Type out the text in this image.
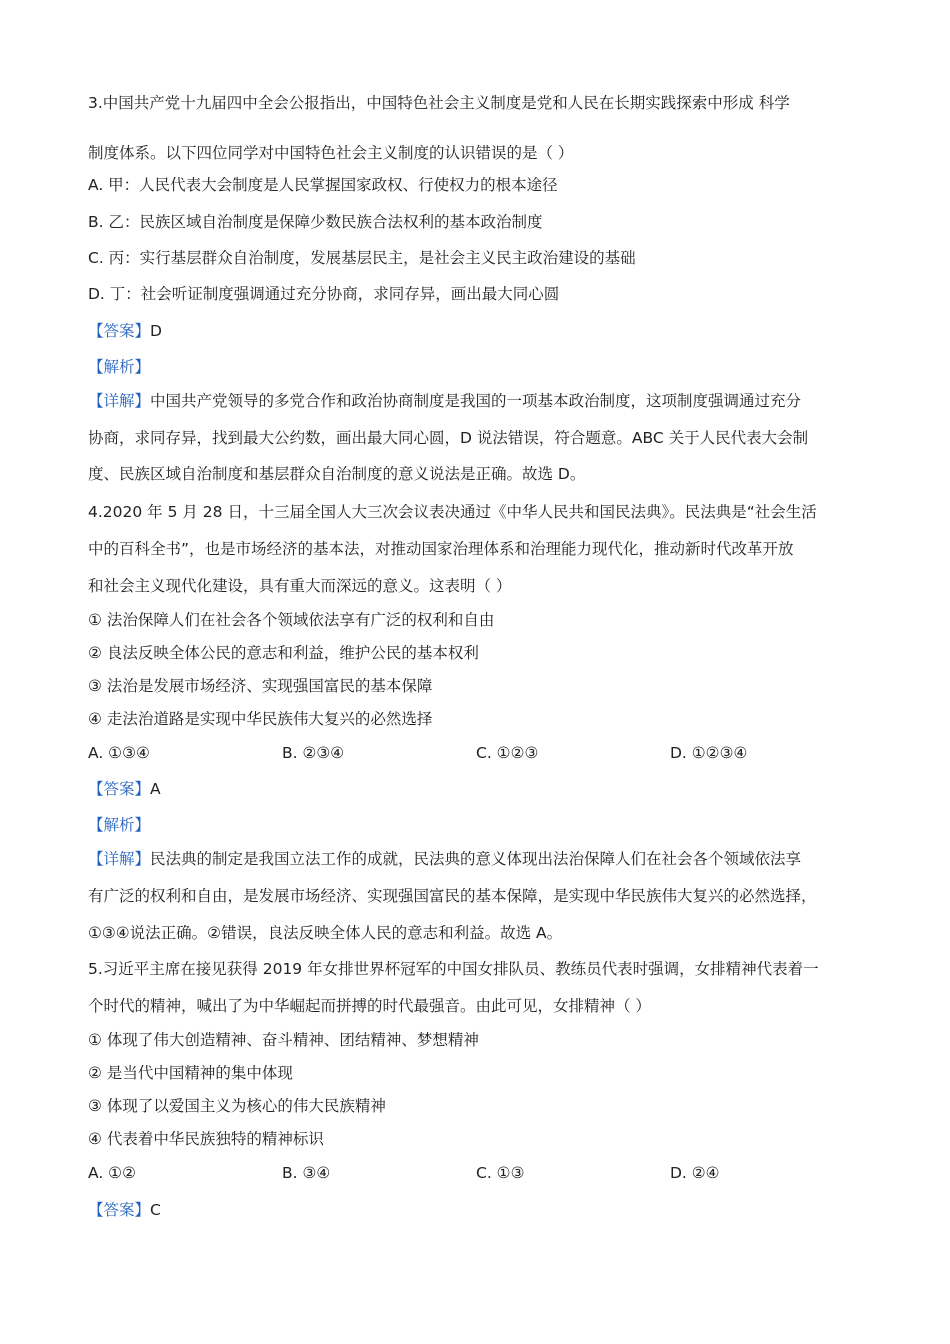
3.中国共产党十九届四中全会公报指出，中国特色社会主义制度是党和人民在长期实践探索中形成 科学
制度体系。以下四位同学对中国特色社会主义制度的认识错误的是（ ）
A. 甲：人民代表大会制度是人民掌握国家政权、行使权力的根本途径
B. 乙：民族区域自治制度是保障少数民族合法权利的基本政治制度
C. 丙：实行基层群众自治制度，发展基层民主，是社会主义民主政治建设的基础
D. 丁：社会听证制度强调通过充分协商，求同存异，画出最大同心圆
【答案】D
【解析】
【详解】中国共产党领导的多党合作和政治协商制度是我国的一项基本政治制度，这项制度强调通过充分
协商，求同存异，找到最大公约数，画出最大同心圆，D 说法错误，符合题意。ABC 关于人民代表大会制
度、民族区域自治制度和基层群众自治制度的意义说法是正确。故选 D。
4.2020 年 5 月 28 日，十三届全国人大三次会议表决通过《中华人民共和国民法典》。民法典是“社会生活
中的百科全书”，也是市场经济的基本法，对推动国家治理体系和治理能力现代化，推动新时代改革开放
和社会主义现代化建设，具有重大而深远的意义。这表明（ ）
① 法治保障人们在社会各个领域依法享有广泛的权利和自由
② 良法反映全体公民的意志和利益，维护公民的基本权利
③ 法治是发展市场经济、实现强国富民的基本保障
④ 走法治道路是实现中华民族伟大复兴的必然选择
A. ①③④	B. ②③④	C. ①②③	D. ①②③④
【答案】A
【解析】
【详解】民法典的制定是我国立法工作的成就，民法典的意义体现出法治保障人们在社会各个领域依法享
有广泛的权利和自由，是发展市场经济、实现强国富民的基本保障，是实现中华民族伟大复兴的必然选择，
①③④说法正确。②错误，良法反映全体人民的意志和利益。故选 A。
5.习近平主席在接见获得 2019 年女排世界杯冠军的中国女排队员、教练员代表时强调，女排精神代表着一
个时代的精神，喊出了为中华崛起而拼搏的时代最强音。由此可见，女排精神（ ）
① 体现了伟大创造精神、奋斗精神、团结精神、梦想精神
② 是当代中国精神的集中体现
③ 体现了以爱国主义为核心的伟大民族精神
④ 代表着中华民族独特的精神标识
A. ①②	B. ③④	C. ①③	D. ②④
【答案】C
